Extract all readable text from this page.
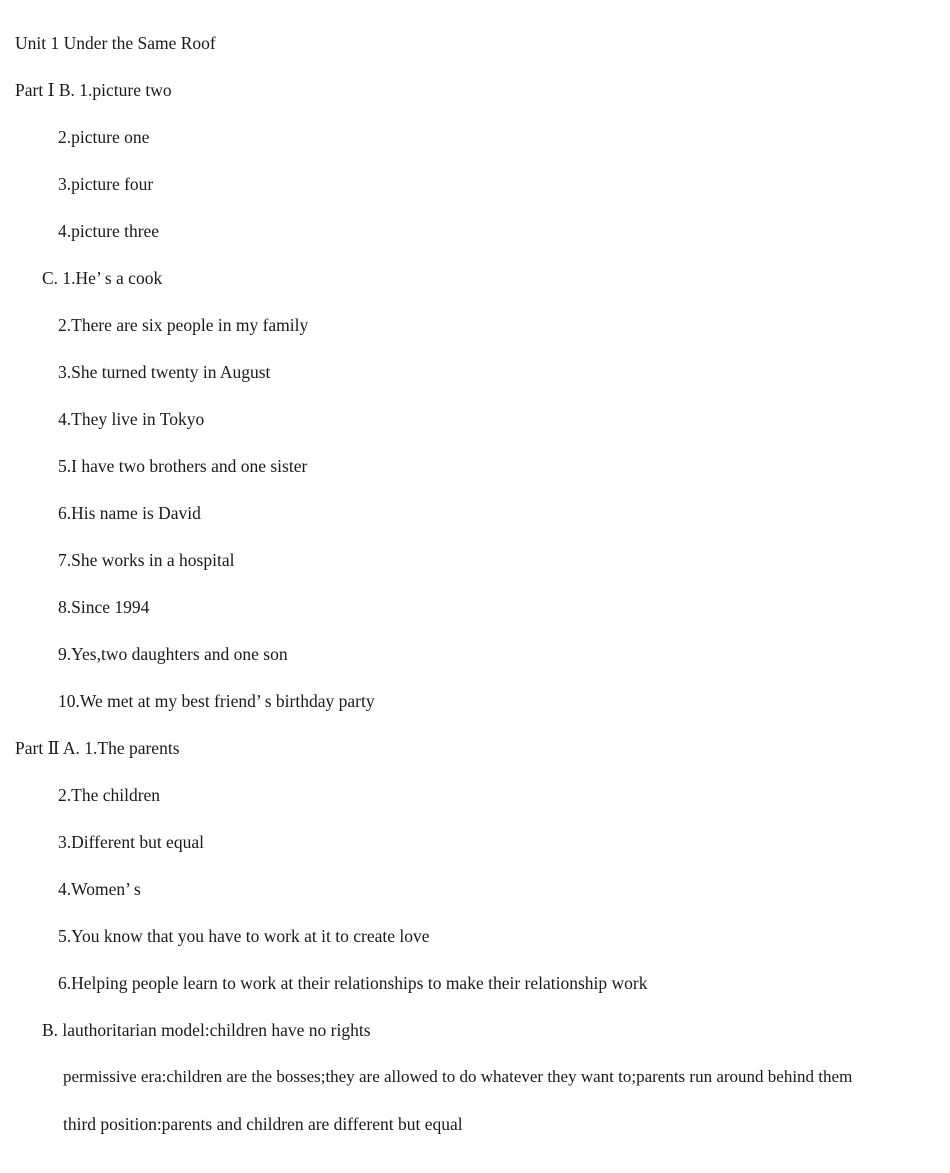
Unit 1 Under the Same Roof
Part Ⅰ B. 1.picture two
2.picture one
3.picture four
4.picture three
C. 1.He’ s a cook
2.There are six people in my family
3.She turned twenty in August
4.They live in Tokyo
5.I have two brothers and one sister
6.His name is David
7.She works in a hospital
8.Since 1994
9.Yes,two daughters and one son
10.We met at my best friend’ s birthday party
Part Ⅱ A. 1.The parents
2.The children
3.Different but equal
4.Women’ s
5.You know that you have to work at it to create love
6.Helping people learn to work at their relationships to make their relationship work
B. lauthoritarian model:children have no rights
permissive era:children are the bosses;they are allowed to do whatever they want to;parents run around behind them
third position:parents and children are different but equal
